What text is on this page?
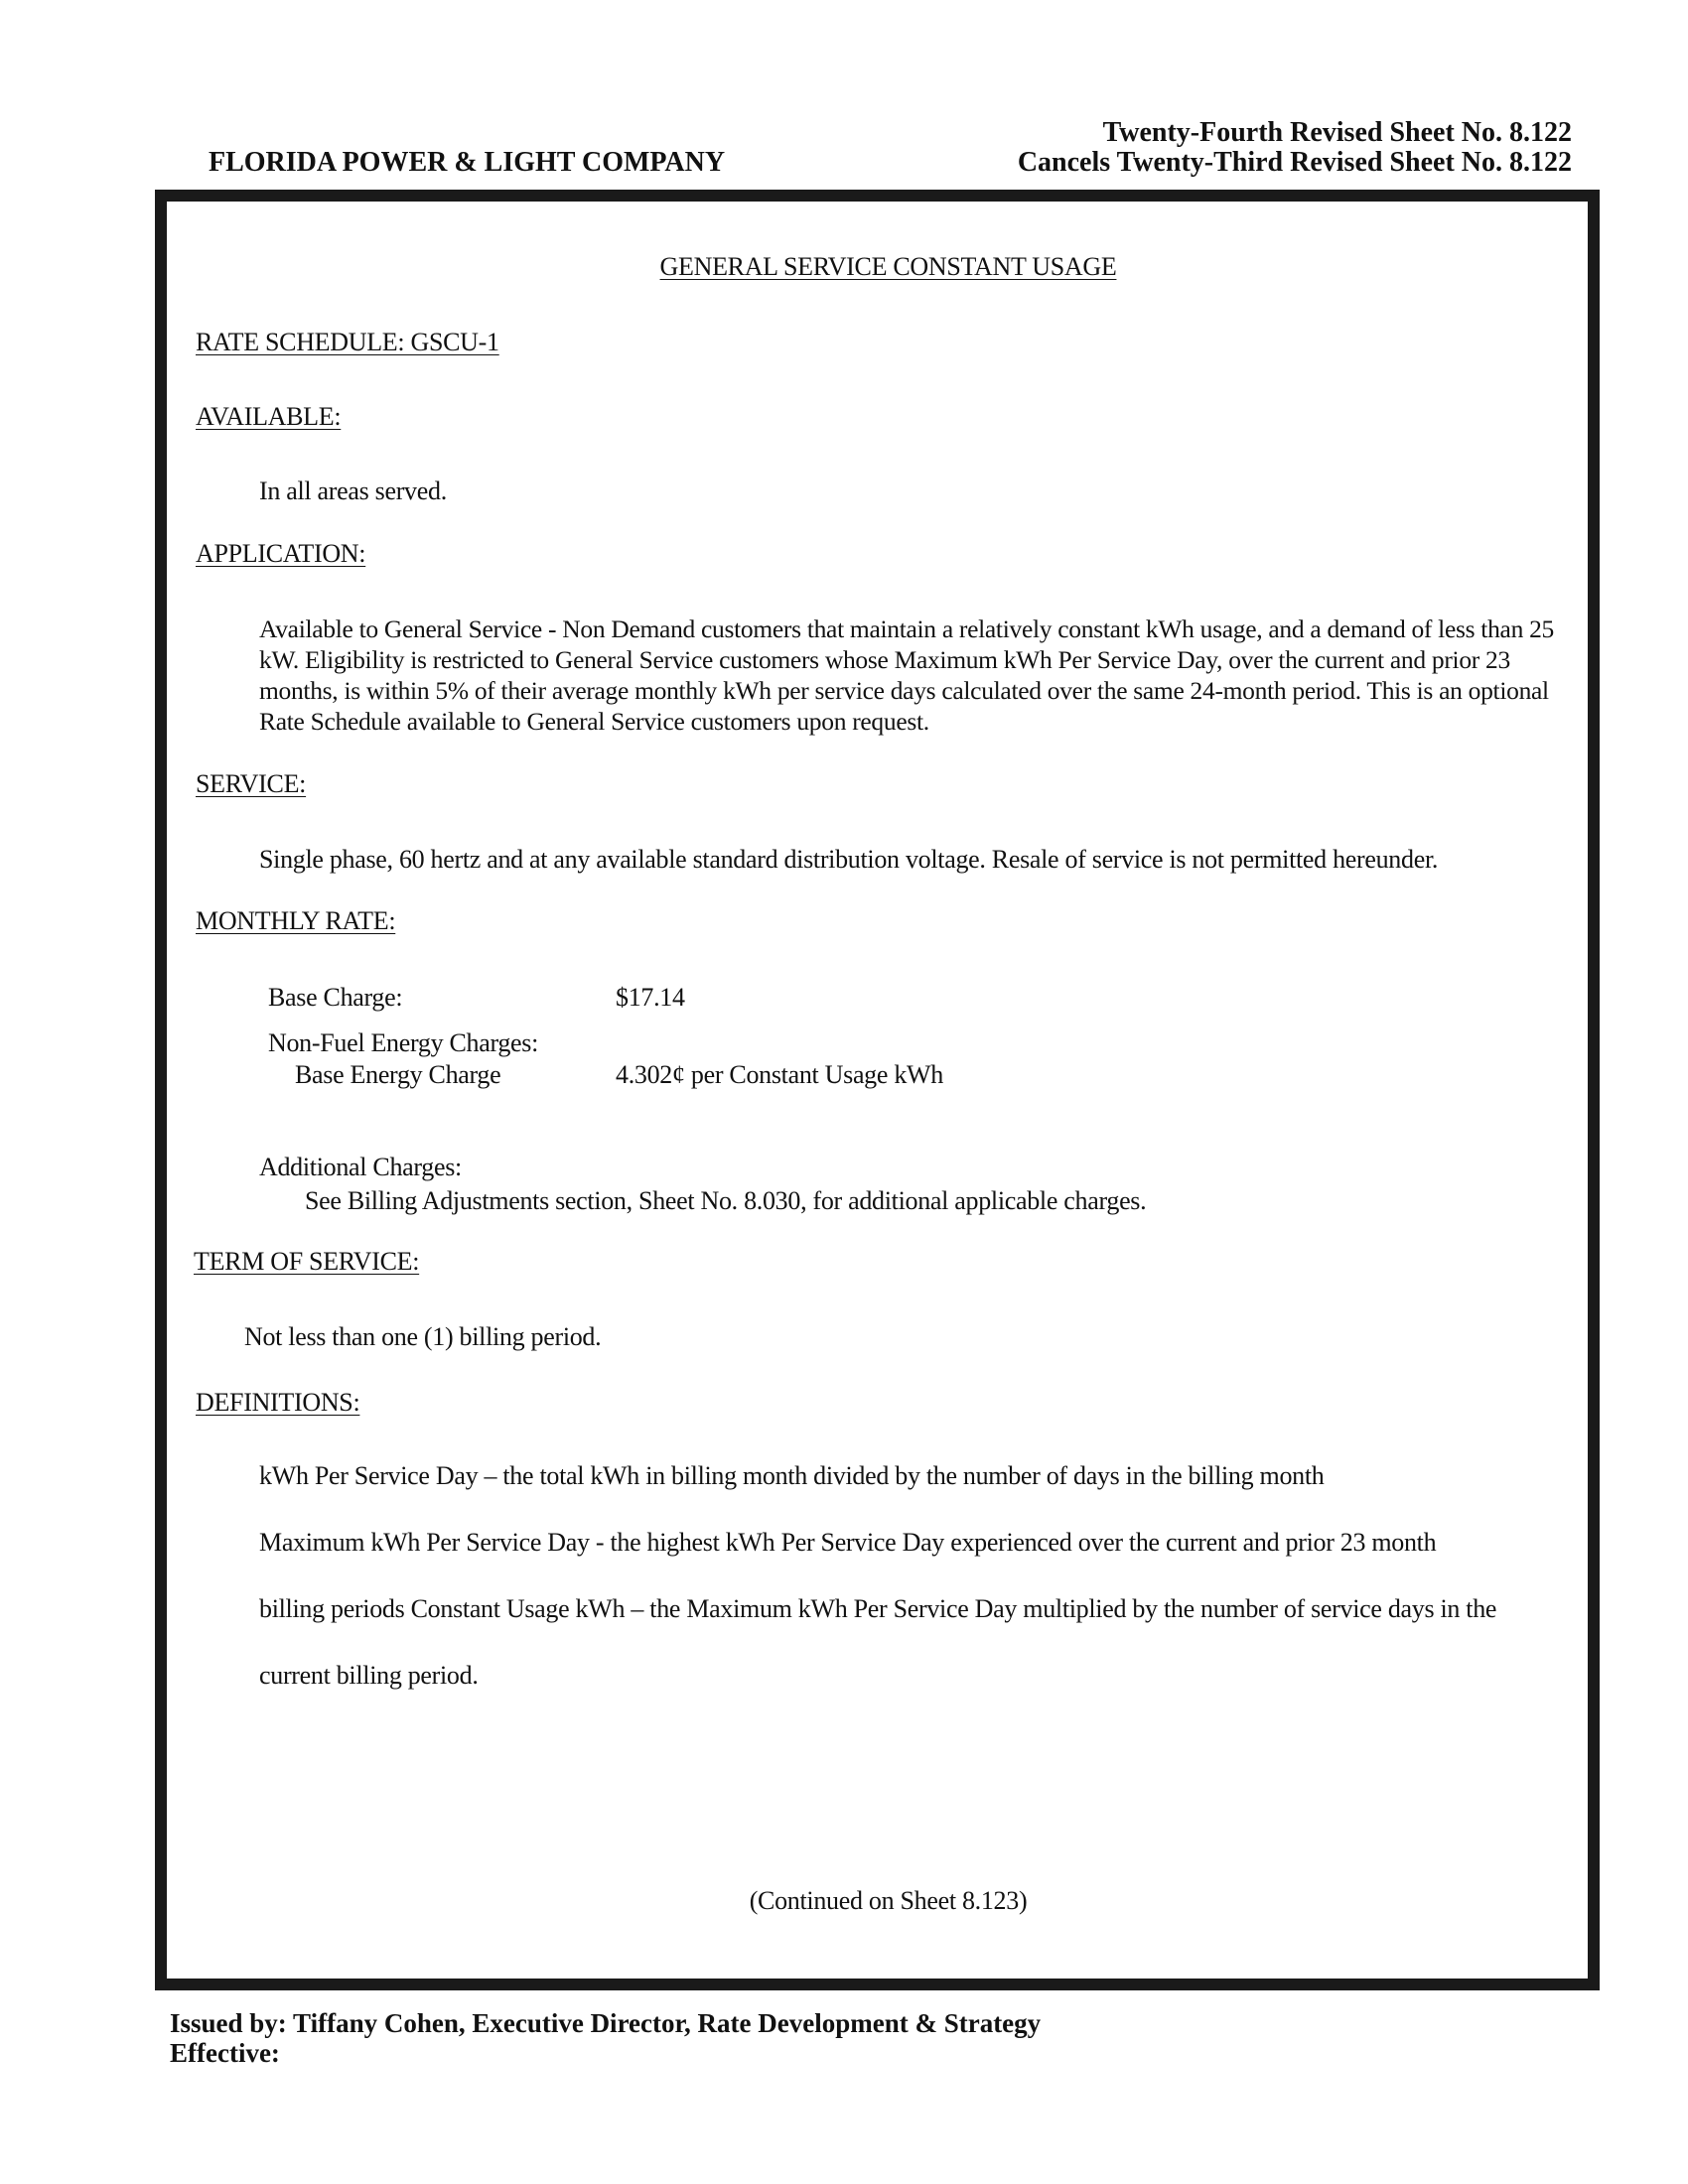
FLORIDA POWER & LIGHT COMPANY
Twenty-Fourth Revised Sheet No. 8.122
Cancels Twenty-Third Revised Sheet No. 8.122
GENERAL SERVICE CONSTANT USAGE
RATE SCHEDULE: GSCU-1
AVAILABLE:
In all areas served.
APPLICATION:
Available to General Service - Non Demand customers that maintain a relatively constant kWh usage, and a demand of less than 25 kW. Eligibility is restricted to General Service customers whose Maximum kWh Per Service Day, over the current and prior 23 months, is within 5% of their average monthly kWh per service days calculated over the same 24-month period. This is an optional Rate Schedule available to General Service customers upon request.
SERVICE:
Single phase, 60 hertz and at any available standard distribution voltage. Resale of service is not permitted hereunder.
MONTHLY RATE:
Base Charge:	$17.14
Non-Fuel Energy Charges:
Base Energy Charge	4.302¢ per Constant Usage kWh
Additional Charges:
See Billing Adjustments section, Sheet No. 8.030, for additional applicable charges.
TERM OF SERVICE:
Not less than one (1) billing period.
DEFINITIONS:
kWh Per Service Day – the total kWh in billing month divided by the number of days in the billing month
Maximum kWh Per Service Day - the highest kWh Per Service Day experienced over the current and prior 23 month
billing periods Constant Usage kWh – the Maximum kWh Per Service Day multiplied by the number of service days in the
current billing period.
(Continued on Sheet 8.123)
Issued by: Tiffany Cohen, Executive Director, Rate Development & Strategy
Effective:
